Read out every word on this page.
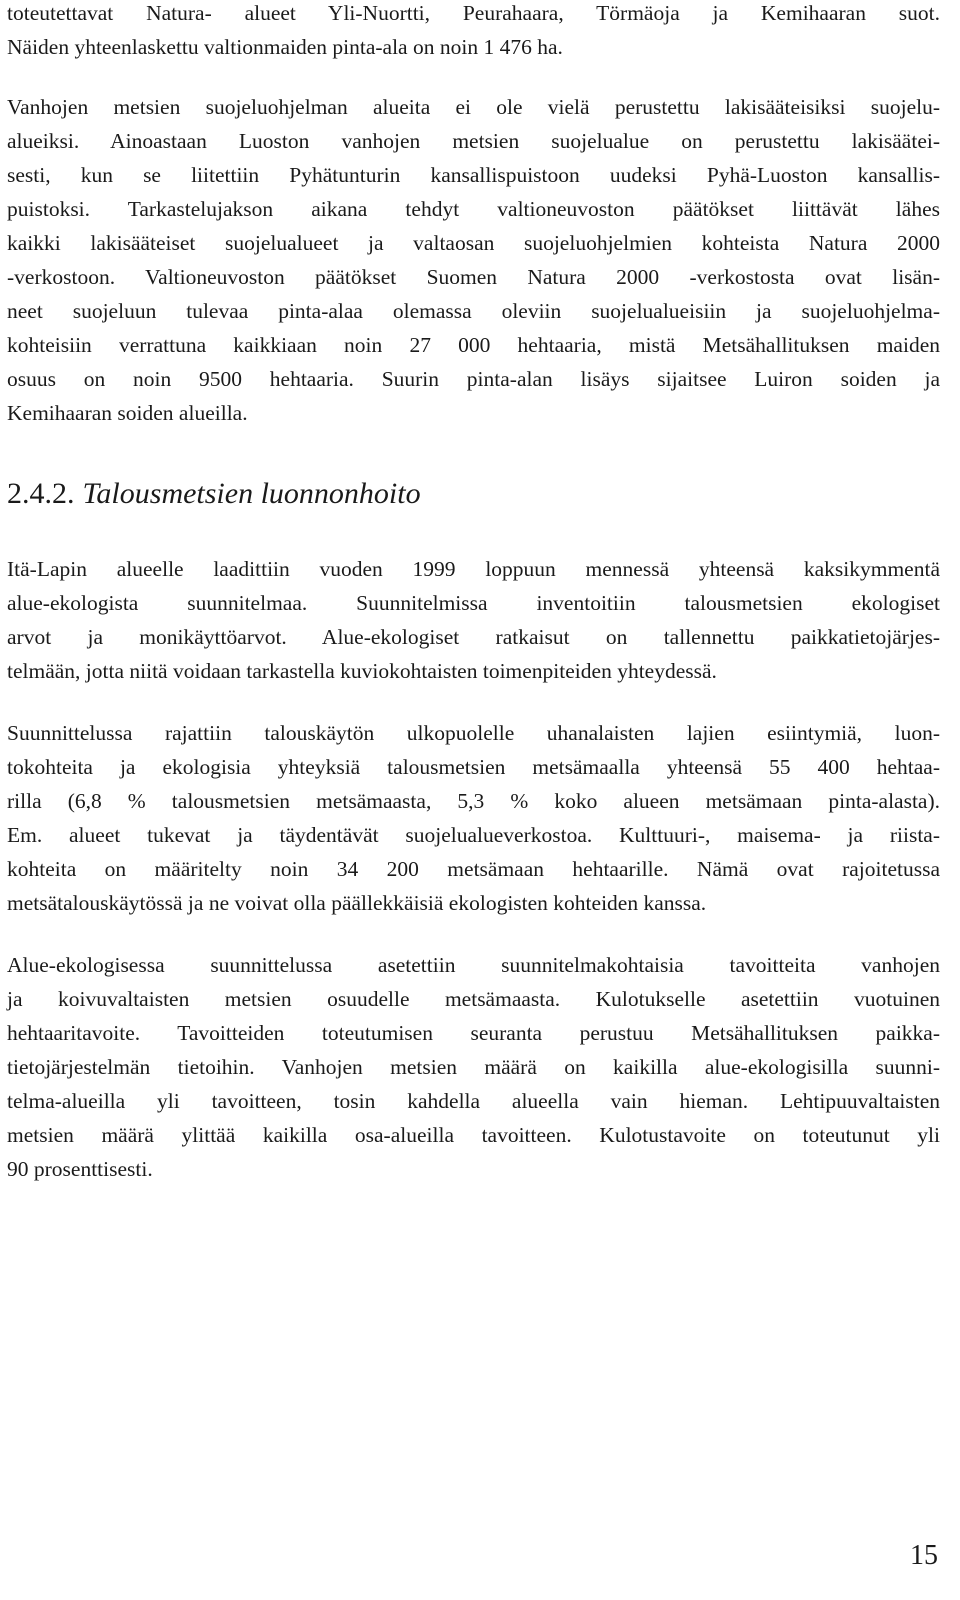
toteutettavat Natura- alueet Yli-Nuortti, Peurahaara, Törmäoja ja Kemihaaran suot.

Näiden yhteenlaskettu valtionmaiden pinta-ala on noin 1 476 ha.

Vanhojen metsien suojeluohjelman alueita ei ole vielä perustettu lakisääteisiksi suojelu-

alueiksi. Ainoastaan Luoston vanhojen metsien suojelualue on perustettu lakisäätei-

sesti, kun se liitettiin Pyhätunturin kansallispuistoon uudeksi Pyhä-Luoston kansallis-

puistoksi. Tarkastelujakson aikana tehdyt valtioneuvoston päätökset liittävät lähes

kaikki lakisääteiset suojelualueet ja valtaosan suojeluohjelmien kohteista Natura 2000

-verkostoon. Valtioneuvoston päätökset Suomen Natura 2000 -verkostosta ovat lisän-

neet suojeluun tulevaa pinta-alaa olemassa oleviin suojelualueisiin ja suojeluohjelma-

kohteisiin verrattuna kaikkiaan noin 27 000 hehtaaria, mistä Metsähallituksen maiden

osuus on noin 9500 hehtaaria. Suurin pinta-alan lisäys sijaitsee Luiron soiden ja

Kemihaaran soiden alueilla.

2.4.2. Talousmetsien luonnonhoito

Itä-Lapin alueelle laadittiin vuoden 1999 loppuun mennessä yhteensä kaksikymmentä

alue-ekologista suunnitelmaa. Suunnitelmissa inventoitiin talousmetsien ekologiset

arvot ja monikäyttöarvot. Alue-ekologiset ratkaisut on tallennettu paikkatietojärjes-

telmään, jotta niitä voidaan tarkastella kuviokohtaisten toimenpiteiden yhteydessä.

Suunnittelussa rajattiin talouskäytön ulkopuolelle uhanalaisten lajien esiintymiä, luon-

tokohteita ja ekologisia yhteyksiä talousmetsien metsämaalla yhteensä 55 400 hehtaa-

rilla (6,8 % talousmetsien metsämaasta, 5,3 % koko alueen metsämaan pinta-alasta).

Em. alueet tukevat ja täydentävät suojelualueverkostoa. Kulttuuri-, maisema- ja riista-

kohteita on määritelty noin 34 200 metsämaan hehtaarille. Nämä ovat rajoitetussa

metsätalouskäytössä ja ne voivat olla päällekkäisiä ekologisten kohteiden kanssa.

Alue-ekologisessa suunnittelussa asetettiin suunnitelmakohtaisia tavoitteita vanhojen

ja koivuvaltaisten metsien osuudelle metsämaasta. Kulotukselle asetettiin vuotuinen

hehtaaritavoite. Tavoitteiden toteutumisen seuranta perustuu Metsähallituksen paikka-

tietojärjestelmän tietoihin. Vanhojen metsien määrä on kaikilla alue-ekologisilla suunni-

telma-alueilla yli tavoitteen, tosin kahdella alueella vain hieman. Lehtipuuvaltaisten

metsien määrä ylittää kaikilla osa-alueilla tavoitteen. Kulotustavoite on toteutunut yli

90 prosenttisesti.

15
